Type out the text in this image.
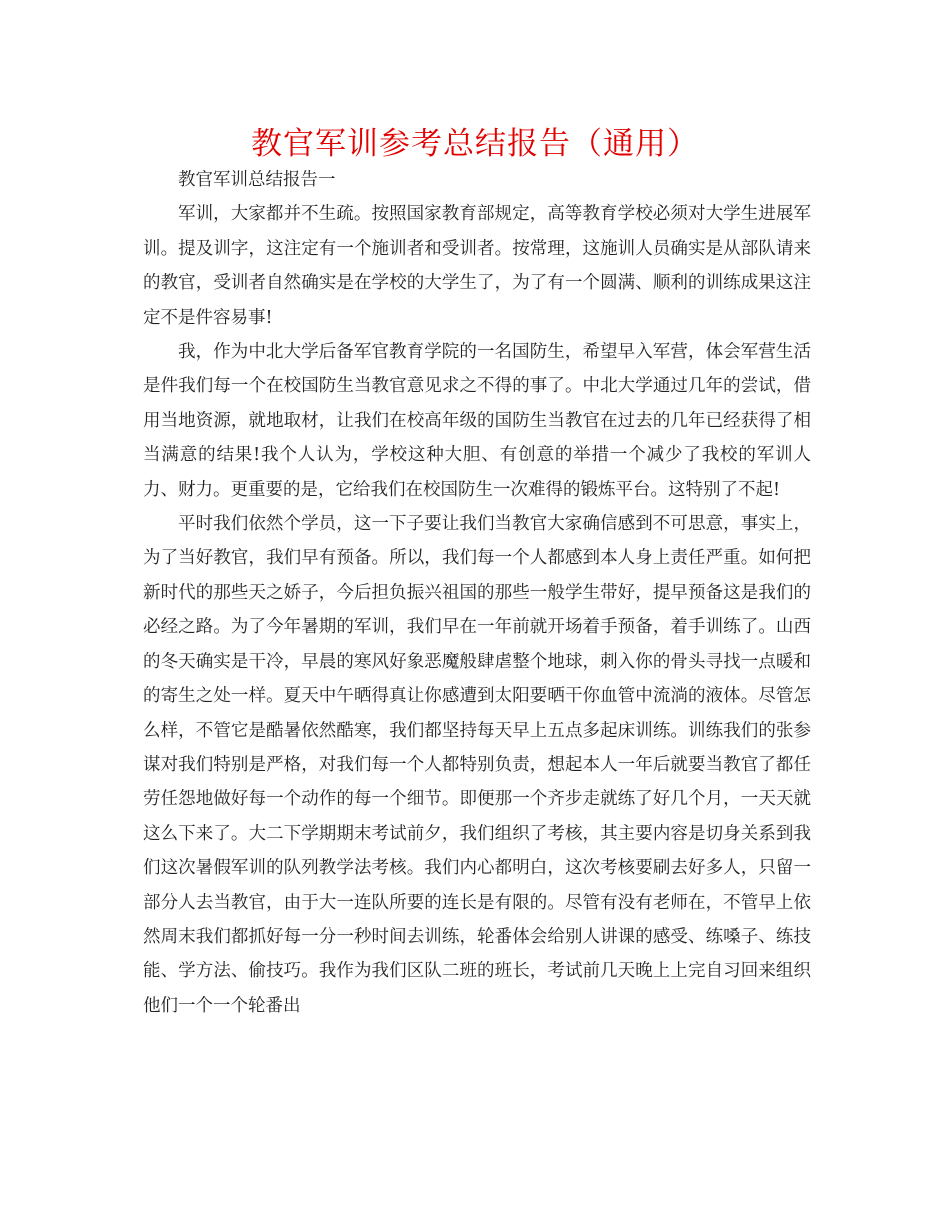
教官军训参考总结报告（通用）

教官军训总结报告一

军训，大家都并不生疏。按照国家教育部规定，高等教育学校必须对大学生进展军训。提及训字，这注定有一个施训者和受训者。按常理，这施训人员确实是从部队请来的教官，受训者自然确实是在学校的大学生了，为了有一个圆满、顺利的训练成果这注定不是件容易事!

我，作为中北大学后备军官教育学院的一名国防生，希望早入军营，体会军营生活是件我们每一个在校国防生当教官意见求之不得的事了。中北大学通过几年的尝试，借用当地资源，就地取材，让我们在校高年级的国防生当教官在过去的几年已经获得了相当满意的结果!我个人认为，学校这种大胆、有创意的举措一个减少了我校的军训人力、财力。更重要的是，它给我们在校国防生一次难得的锻炼平台。这特别了不起!

平时我们依然个学员，这一下子要让我们当教官大家确信感到不可思意，事实上，为了当好教官，我们早有预备。所以，我们每一个人都感到本人身上责任严重。如何把新时代的那些天之娇子，今后担负振兴祖国的那些一般学生带好，提早预备这是我们的必经之路。为了今年暑期的军训，我们早在一年前就开场着手预备，着手训练了。山西的冬天确实是干冷，早晨的寒风好象恶魔般肆虐整个地球，刺入你的骨头寻找一点暖和的寄生之处一样。夏天中午晒得真让你感遭到太阳要晒干你血管中流淌的液体。尽管怎么样，不管它是酷暑依然酷寒，我们都坚持每天早上五点多起床训练。训练我们的张参谋对我们特别是严格，对我们每一个人都特别负责，想起本人一年后就要当教官了都任劳任怨地做好每一个动作的每一个细节。即便那一个齐步走就练了好几个月，一天天就这么下来了。大二下学期期末考试前夕，我们组织了考核，其主要内容是切身关系到我们这次暑假军训的队列教学法考核。我们内心都明白，这次考核要刷去好多人，只留一部分人去当教官，由于大一连队所要的连长是有限的。尽管有没有老师在，不管早上依然周末我们都抓好每一分一秒时间去训练，轮番体会给别人讲课的感受、练嗓子、练技能、学方法、偷技巧。我作为我们区队二班的班长，考试前几天晚上上完自习回来组织他们一个一个轮番出
